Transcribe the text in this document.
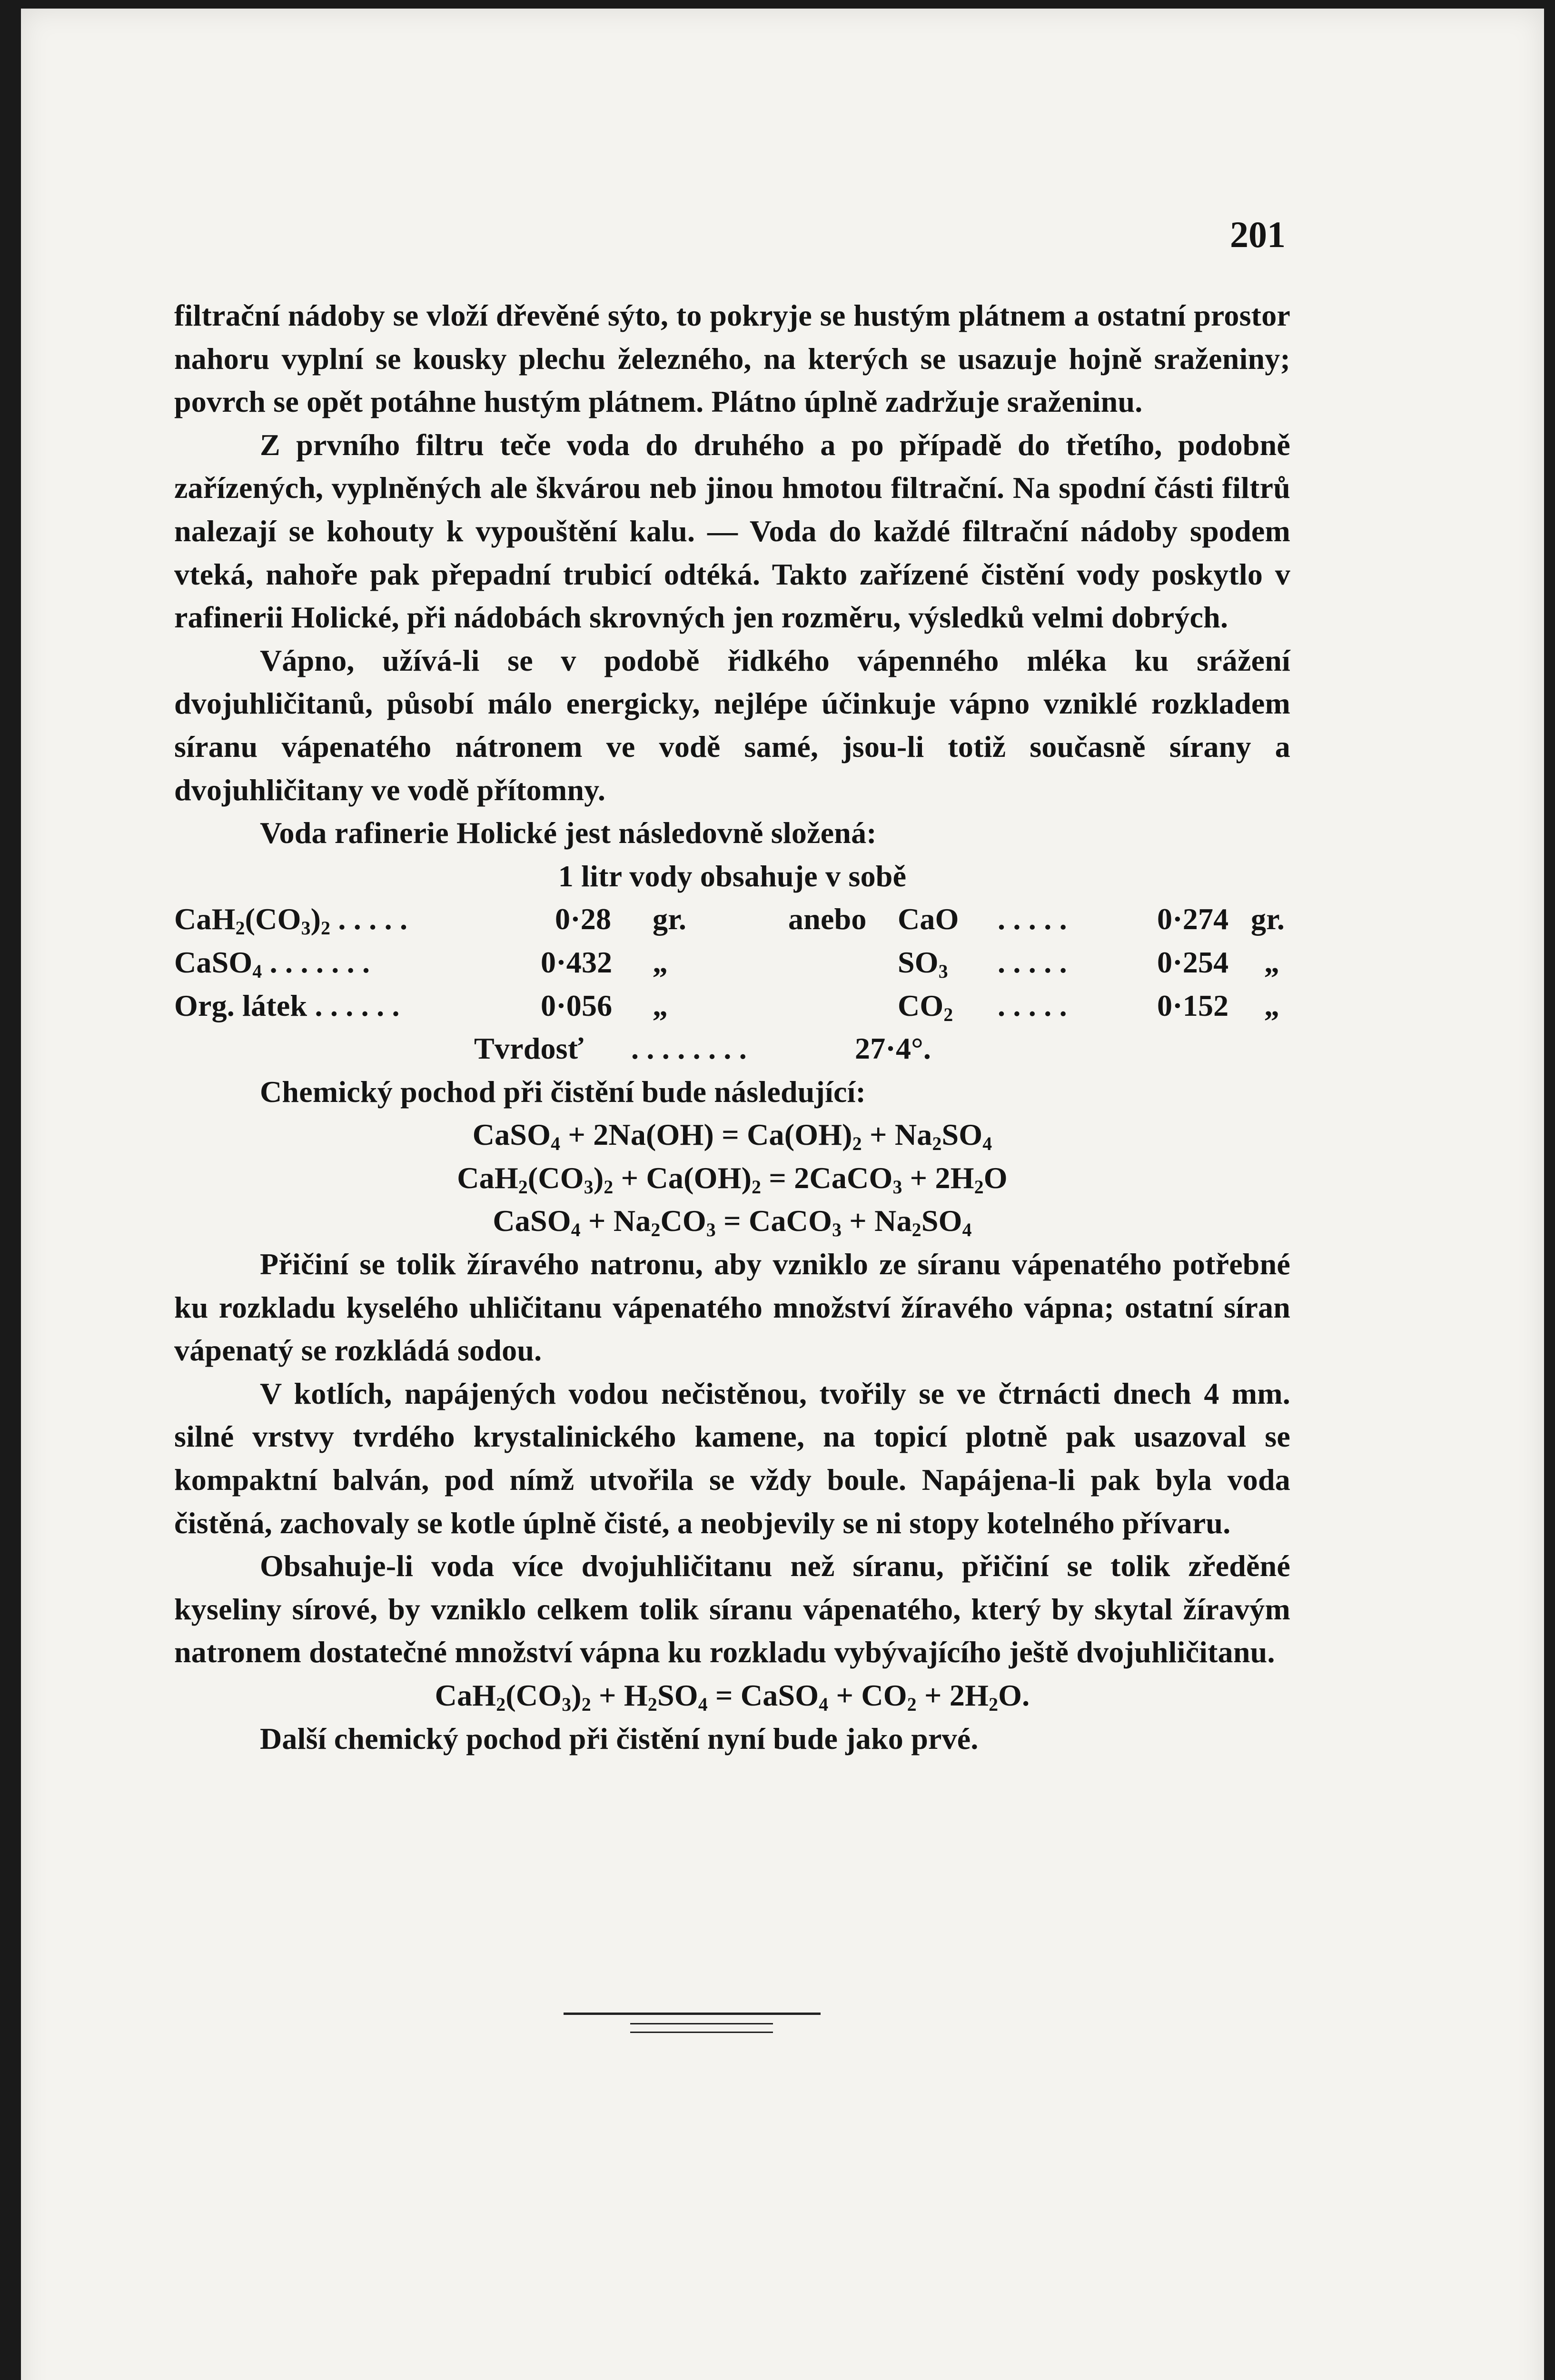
201

filtrační nádoby se vloží dřevěné sýto, to pokryje se hustým plátnem a ostatní prostor nahoru vyplní se kousky plechu železného, na kterých se usazuje hojně sraženiny; povrch se opět potáhne hustým plátnem. Plátno úplně zadržuje sraženinu.

Z prvního filtru teče voda do druhého a po případě do třetího, podobně zařízených, vyplněných ale škvárou neb jinou hmotou filtrační. Na spodní části filtrů nalezají se kohouty k vypouštění kalu. — Voda do každé filtrační nádoby spodem vteká, nahoře pak přepadní trubicí odtéká. Takto zařízené čistění vody poskytlo v rafinerii Holické, při nádobách skrovných jen rozměru, výsledků velmi dobrých.

Vápno, užívá-li se v podobě řidkého vápenného mléka ku srážení dvojuhličitanů, působí málo energicky, nejlépe účinkuje vápno vzniklé rozkladem síranu vápenatého nátronem ve vodě samé, jsou-li totiž současně sírany a dvojuhličitany ve vodě přítomny.

Voda rafinerie Holické jest následovně složená:

1 litr vody obsahuje v sobě

$CaH_2(CO_3)_2$ . . . . .	0·28 gr.	anebo CaO . . . . .	0·274 gr.
CaSO$_4$ . . . . . . .	0·432 „	$SO_3$ . . . . .	0·254 „
Org. látek . . . . . .	0·056 „	$CO_2$ . . . . .	0·152 „
Tvrdosť . . . . . . . .	27·4°.

Chemický pochod při čistění bude následující:

CaSO$_4$ + $2Na(OH) = Ca(OH)_2 + Na_2SO_4$

$CaH_2(CO_3)_2 + Ca(OH)_2$ = 2CaCO$_3$ + $2H_2O$

CaSO$_4$ + $Na_2CO_3$ = CaCO$_3$ + $Na_2SO_4$

Přičiní se tolik žíravého natronu, aby vzniklo ze síranu vápenatého potřebné ku rozkladu kyselého uhličitanu vápenatého množství žíravého vápna; ostatní síran vápenatý se rozkládá sodou.

V kotlích, napájených vodou nečistěnou, tvořily se ve čtrnácti dnech 4 mm. silné vrstvy tvrdého krystalinického kamene, na topicí plotně pak usazoval se kompaktní balván, pod nímž utvořila se vždy boule. Napájena-li pak byla voda čistěná, zachovaly se kotle úplně čisté, a neobjevily se ni stopy kotelného přívaru.

Obsahuje-li voda více dvojuhličitanu než síranu, přičiní se tolik zředěné kyseliny sírové, by vzniklo celkem tolik síranu vápenatého, který by skytal žíravým natronem dostatečné množství vápna ku rozkladu vybývajícího ještě dvojuhličitanu.

$CaH_2(CO_3)_2 + H_2SO_4$ = CaSO$_4$ + $CO_2 + 2H_2O$.

Další chemický pochod při čistění nyní bude jako prvé.
